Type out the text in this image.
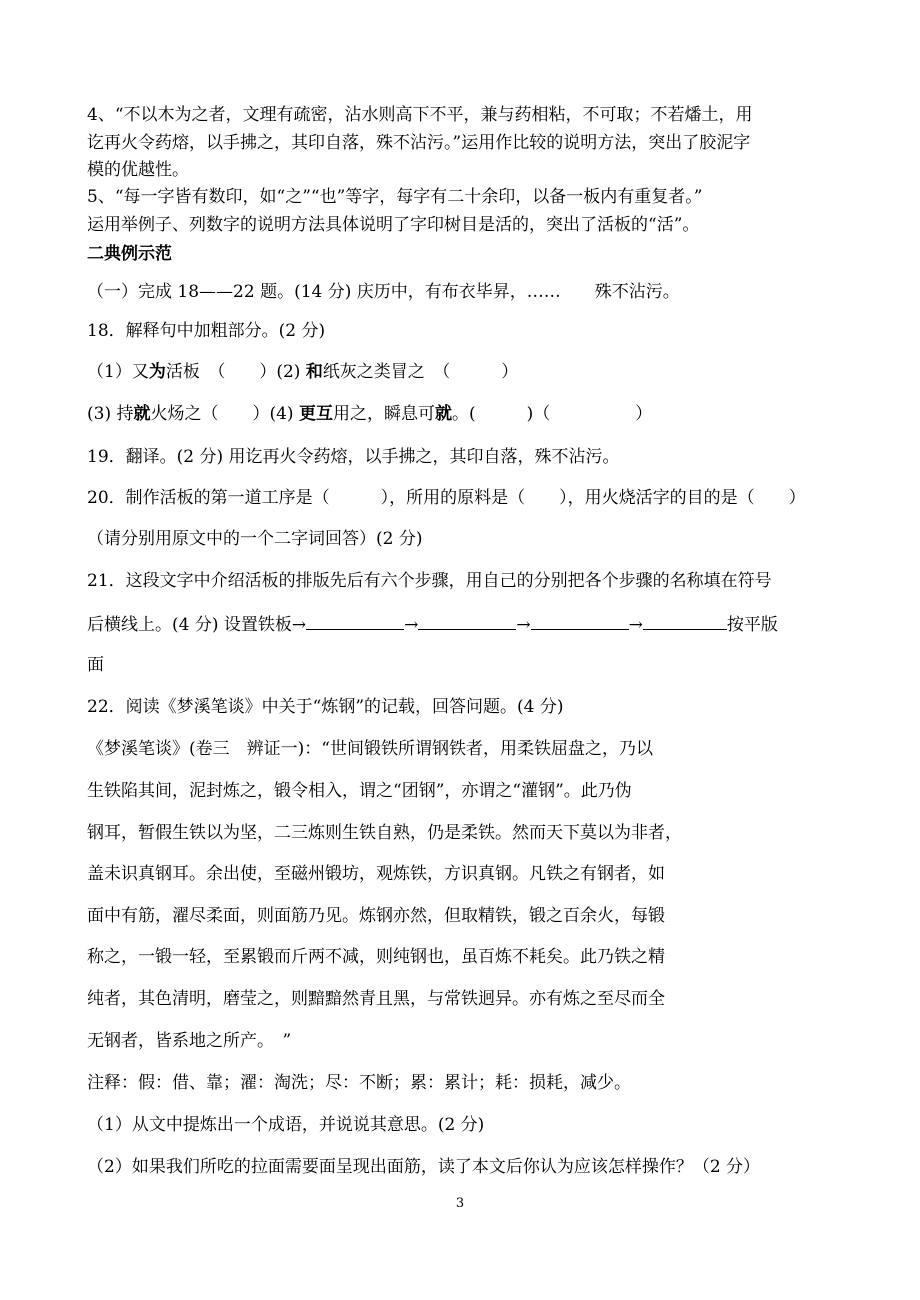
4、“不以木为之者，文理有疏密，沾水则高下不平，兼与药相粘，不可取；不若燔土，用
讫再火令药熔，以手拂之，其印自落，殊不沾污。”运用作比较的说明方法，突出了胶泥字
模的优越性。
5、“每一字皆有数印，如“之”“也”等字，每字有二十余印，以备一板内有重复者。”
运用举例子、列数字的说明方法具体说明了字印树目是活的，突出了活板的“活”。
二典例示范
（一）完成 18——22 题。(14 分) 庆历中，有布衣毕昇，……　　殊不沾污。
18．解释句中加粗部分。(2 分)
（1）又为活板　（　　）(2) 和纸灰之类冒之　（　　　）
(3) 持就火炀之（　　）(4) 更互用之，瞬息可就。(　　　)（　　　　　）
19．翻译。(2 分) 用讫再火令药熔，以手拂之，其印自落，殊不沾污。
20．制作活板的第一道工序是（　　　），所用的原料是（　　），用火烧活字的目的是（　　）
（请分别用原文中的一个二字词回答）(2 分)
21．这段文字中介绍活板的排版先后有六个步骤，用自己的分别把各个步骤的名称填在符号
后横线上。(4 分) 设置铁板→	→	→	→	按平版
面
22．阅读《梦溪笔谈》中关于“炼钢”的记载，回答问题。(4 分)
《梦溪笔谈》(卷三　辨证一)：“世间锻铁所谓钢铁者，用柔铁屈盘之，乃以
生铁陷其间，泥封炼之，锻令相入，谓之“团钢”，亦谓之“灌钢”。此乃伪
钢耳，暂假生铁以为坚，二三炼则生铁自熟，仍是柔铁。然而天下莫以为非者，
盖未识真钢耳。余出使，至磁州锻坊，观炼铁，方识真钢。凡铁之有钢者，如
面中有筋，濯尽柔面，则面筋乃见。炼钢亦然，但取精铁，锻之百余火，每锻
称之，一锻一轻，至累锻而斤两不减，则纯钢也，虽百炼不耗矣。此乃铁之精
纯者，其色清明，磨莹之，则黯黯然青且黑，与常铁迥异。亦有炼之至尽而全
无钢者，皆系地之所产。　”
注释：假：借、靠；濯：淘洗；尽：不断；累：累计；耗：损耗，减少。
（1）从文中提炼出一个成语，并说说其意思。(2 分)
（2）如果我们所吃的拉面需要面呈现出面筋，读了本文后你认为应该怎样操作？（2 分）
3
